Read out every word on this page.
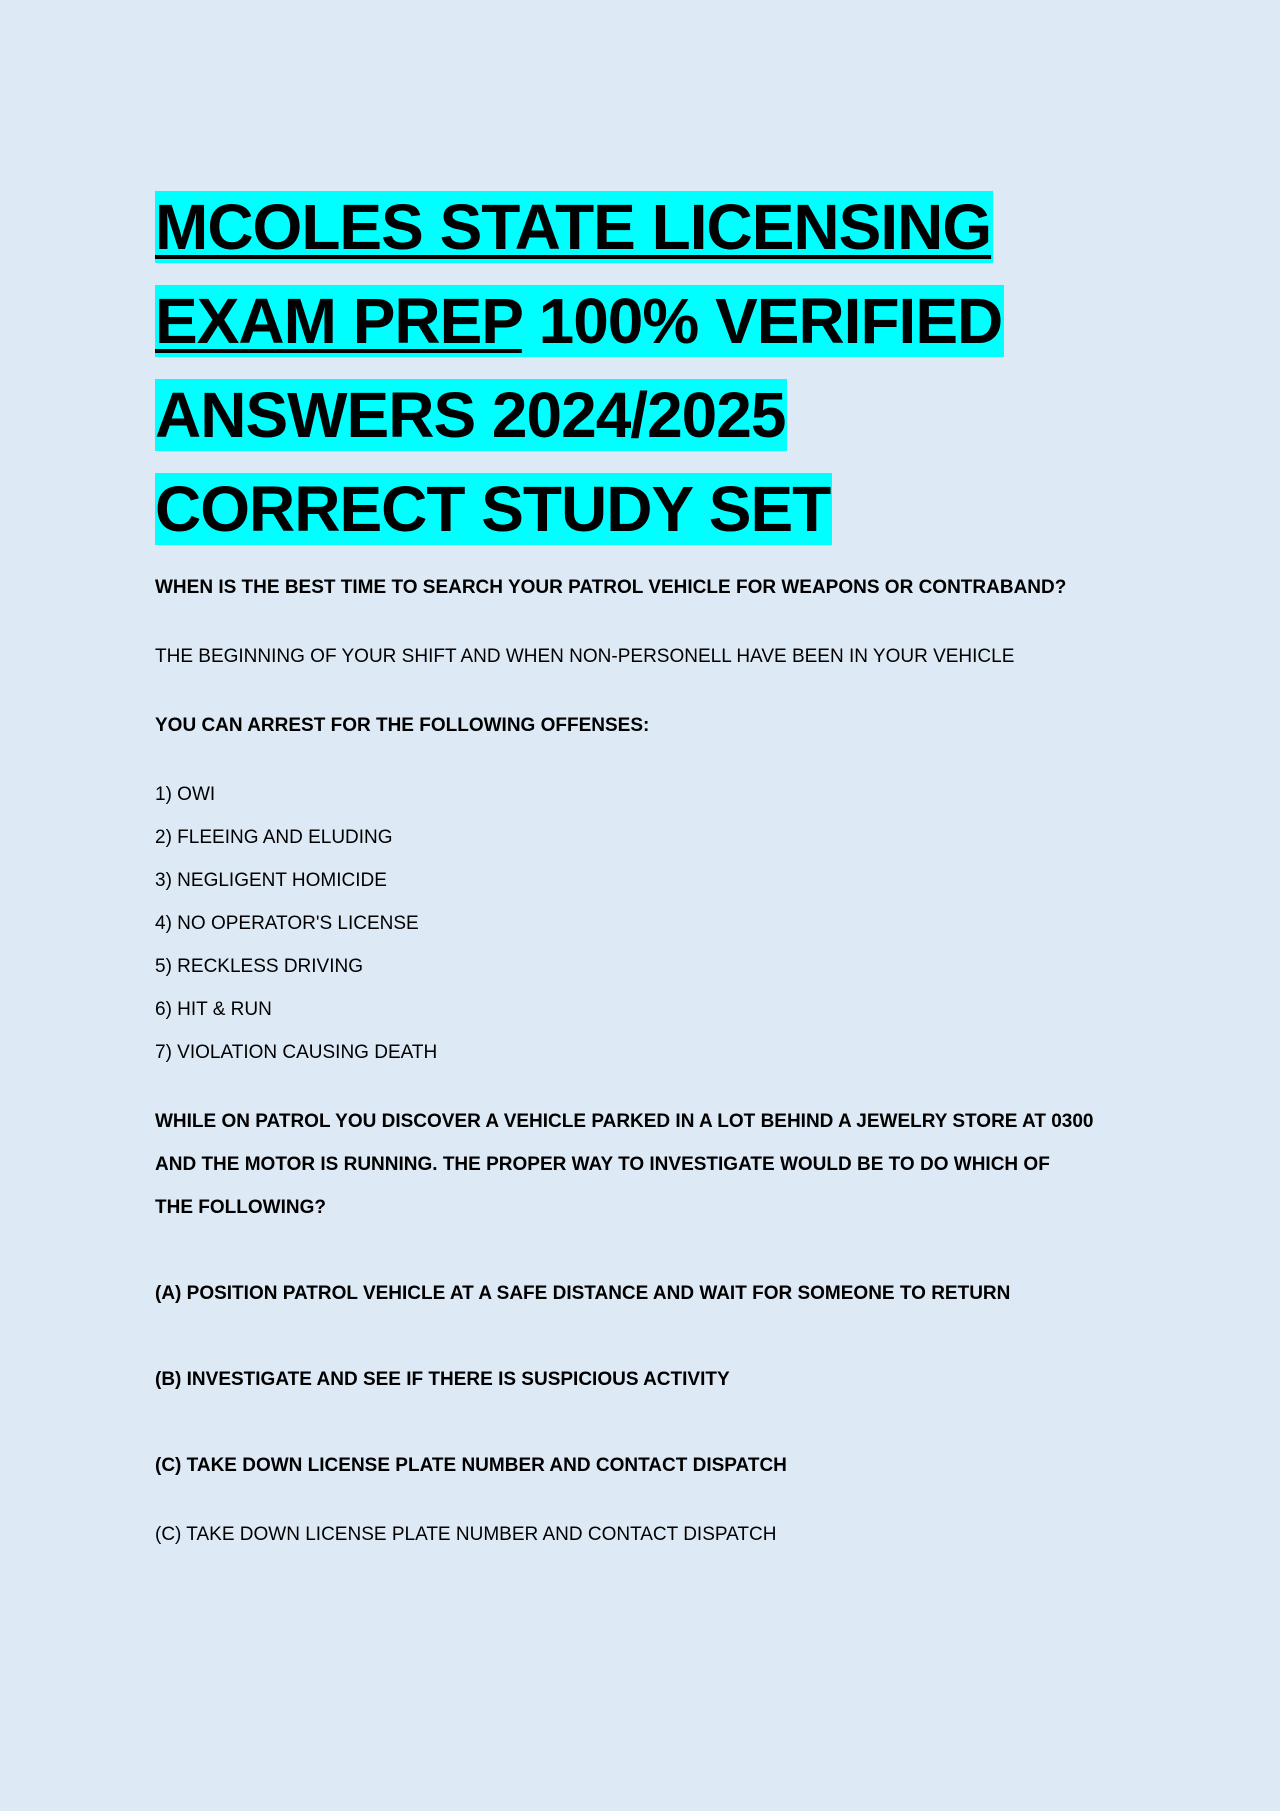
MCOLES STATE LICENSING
EXAM PREP 100% VERIFIED
ANSWERS 2024/2025
CORRECT STUDY SET

WHEN IS THE BEST TIME TO SEARCH YOUR PATROL VEHICLE FOR WEAPONS OR CONTRABAND?

THE BEGINNING OF YOUR SHIFT AND WHEN NON-PERSONELL HAVE BEEN IN YOUR VEHICLE

YOU CAN ARREST FOR THE FOLLOWING OFFENSES:

1) OWI
2) FLEEING AND ELUDING
3) NEGLIGENT HOMICIDE
4) NO OPERATOR'S LICENSE
5) RECKLESS DRIVING
6) HIT & RUN
7) VIOLATION CAUSING DEATH

WHILE ON PATROL YOU DISCOVER A VEHICLE PARKED IN A LOT BEHIND A JEWELRY STORE AT 0300

AND THE MOTOR IS RUNNING. THE PROPER WAY TO INVESTIGATE WOULD BE TO DO WHICH OF

THE FOLLOWING?

(A) POSITION PATROL VEHICLE AT A SAFE DISTANCE AND WAIT FOR SOMEONE TO RETURN

(B) INVESTIGATE AND SEE IF THERE IS SUSPICIOUS ACTIVITY

(C) TAKE DOWN LICENSE PLATE NUMBER AND CONTACT DISPATCH

(C) TAKE DOWN LICENSE PLATE NUMBER AND CONTACT DISPATCH
